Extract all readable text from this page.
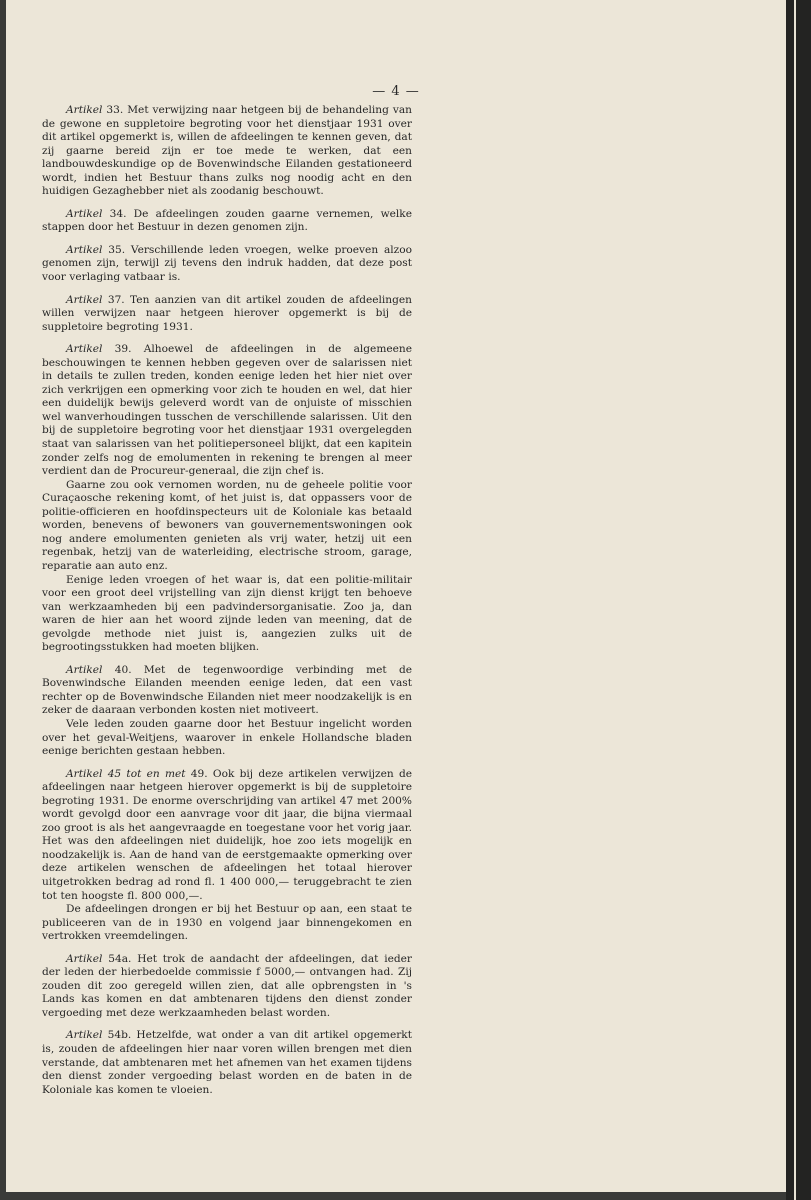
— 4 —

Artikel 33. Met verwijzing naar hetgeen bij de behandeling van de gewone en suppletoire begroting voor het dienstjaar 1931 over dit artikel opgemerkt is, willen de afdeelingen te kennen geven, dat zij gaarne bereid zijn er toe mede te werken, dat een landbouwdeskundige op de Bovenwindsche Eilanden gestationeerd wordt, indien het Bestuur thans zulks nog noodig acht en den huidigen Gezaghebber niet als zoodanig beschouwt.

Artikel 34. De afdeelingen zouden gaarne vernemen, welke stappen door het Bestuur in dezen genomen zijn.

Artikel 35. Verschillende leden vroegen, welke proeven alzoo genomen zijn, terwijl zij tevens den indruk hadden, dat deze post voor verlaging vatbaar is.

Artikel 37. Ten aanzien van dit artikel zouden de afdeelingen willen verwijzen naar hetgeen hierover opgemerkt is bij de suppletoire begroting 1931.

Artikel 39. Alhoewel de afdeelingen in de algemeene beschouwingen te kennen hebben gegeven over de salarissen niet in details te zullen treden, konden eenige leden het hier niet over zich verkrijgen een opmerking voor zich te houden en wel, dat hier een duidelijk bewijs geleverd wordt van de onjuiste of misschien wel wanverhoudingen tusschen de verschillende salarissen. Uit den bij de suppletoire begroting voor het dienstjaar 1931 overgelegden staat van salarissen van het politiepersoneel blijkt, dat een kapitein zonder zelfs nog de emolumenten in rekening te brengen al meer verdient dan de Procureur-generaal, die zijn chef is.

Gaarne zou ook vernomen worden, nu de geheele politie voor Curaçaosche rekening komt, of het juist is, dat oppassers voor de politie-officieren en hoofdinspecteurs uit de Koloniale kas betaald worden, benevens of bewoners van gouvernementswoningen ook nog andere emolumenten genieten als vrij water, hetzij uit een regenbak, hetzij van de waterleiding, electrische stroom, garage, reparatie aan auto enz.

Eenige leden vroegen of het waar is, dat een politie-militair voor een groot deel vrijstelling van zijn dienst krijgt ten behoeve van werkzaamheden bij een padvindersorganisatie. Zoo ja, dan waren de hier aan het woord zijnde leden van meening, dat de gevolgde methode niet juist is, aangezien zulks uit de begrootingsstukken had moeten blijken.

Artikel 40. Met de tegenwoordige verbinding met de Bovenwindsche Eilanden meenden eenige leden, dat een vast rechter op de Bovenwindsche Eilanden niet meer noodzakelijk is en zeker de daaraan verbonden kosten niet motiveert.

Vele leden zouden gaarne door het Bestuur ingelicht worden over het geval-Weitjens, waarover in enkele Hollandsche bladen eenige berichten gestaan hebben.

Artikel 45 tot en met 49. Ook bij deze artikelen verwijzen de afdeelingen naar hetgeen hierover opgemerkt is bij de suppletoire begroting 1931. De enorme overschrijding van artikel 47 met 200% wordt gevolgd door een aanvrage voor dit jaar, die bijna viermaal zoo groot is als het aangevraagde en toegestane voor het vorig jaar. Het was den afdeelingen niet duidelijk, hoe zoo iets mogelijk en noodzakelijk is. Aan de hand van de eerstgemaakte opmerking over deze artikelen wenschen de afdeelingen het totaal hierover uitgetrokken bedrag ad rond fl. 1 400 000,— teruggebracht te zien tot ten hoogste fl. 800 000,—.

De afdeelingen drongen er bij het Bestuur op aan, een staat te publiceeren van de in 1930 en volgend jaar binnengekomen en vertrokken vreemdelingen.

Artikel 54a. Het trok de aandacht der afdeelingen, dat ieder der leden der hierbedoelde commissie f 5000,— ontvangen had. Zij zouden dit zoo geregeld willen zien, dat alle opbrengsten in 's Lands kas komen en dat ambtenaren tijdens den dienst zonder vergoeding met deze werkzaamheden belast worden.

Artikel 54b. Hetzelfde, wat onder a van dit artikel opgemerkt is, zouden de afdeelingen hier naar voren willen brengen met dien verstande, dat ambtenaren met het afnemen van het examen tijdens den dienst zonder vergoeding belast worden en de baten in de Koloniale kas komen te vloeien.
